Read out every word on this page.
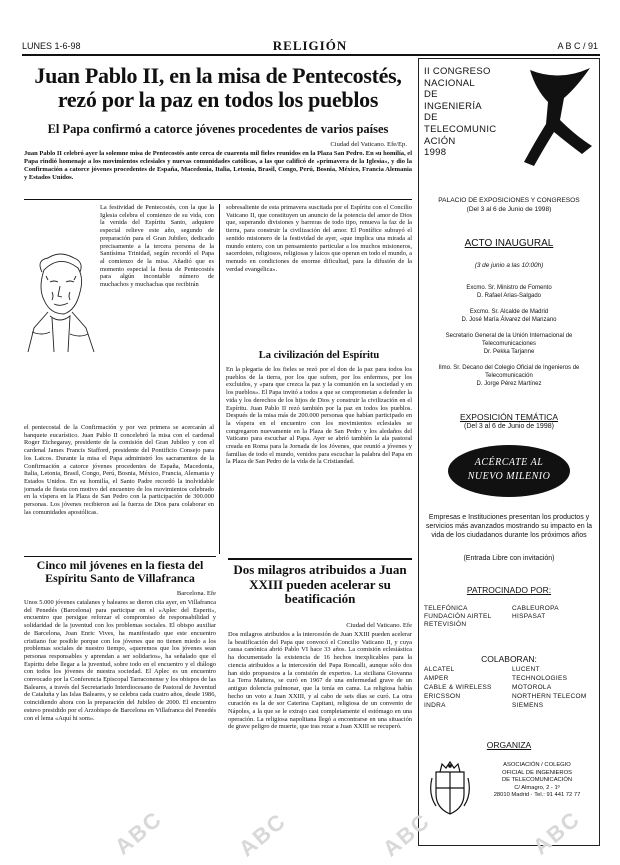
LUNES 1-6-98	RELIGIÓN	A B C / 91
Juan Pablo II, en la misa de Pentecostés, rezó por la paz en todos los pueblos
El Papa confirmó a catorce jóvenes procedentes de varios países
Ciudad del Vaticano. Efe/Ep.
Juan Pablo II celebró ayer la solemne misa de Pentecostés ante cerca de cuarenta mil fieles reunidos en la Plaza San Pedro. En su homilía, el Papa rindió homenaje a los movimientos eclesiales y nuevas comunidades católicas, a las que calificó de «primavera de la Iglesia», y dio la Confirmación a catorce jóvenes procedentes de España, Macedonia, Italia, Letonia, Brasil, Congo, Perú, Bosnia, México, Francia Alemania y Estados Unidos.
La festividad de Pentecostés, con la que la Iglesia celebra el comienzo de su vida, con la venida del Espíritu Santo, adquiere especial relieve este año, segundo de preparación para el Gran Jubileo, dedicado precisamente a la tercera persona de la Santísima Trinidad, según recordó el Papa al comienzo de la misa. Añadió que es momento especial la fiesta de Pentecostés para algún incontable número de muchachos y muchachas que recibirán
el pentecostal de la Confirmación y por vez primera se acercarán al banquete eucarístico. Juan Pablo II concelebró la misa con el cardenal Roger Etchegaray, presidente de la comisión del Gran Jubileo y con el cardenal James Francis Stafford, presidente del Pontificio Consejo para los Laicos. Durante la misa el Papa administró los sacramentos de la Confirmación a catorce jóvenes procedentes de España, Macedonia, Italia, Letonia, Brasil, Congo, Perú, Bosnia, México, Francia, Alemania y Estados Unidos. En su homilía, el Santo Padre recordó la inolvidable jornada de fiesta con motivo del encuentro de los movimientos celebrado en la víspera en la Plaza de San Pedro con la participación de 300.000 personas. Los jóvenes recibieron así la fuerza de Dios para colaborar en las comunidades apostólicas.
sobresaliente de esta primavera suscitada por el Espíritu con el Concilio Vaticano II, que constituyen un anuncio de la potencia del amor de Dios que, superando divisiones y barreras de todo tipo, renueva la faz de la tierra, para construir la civilización del amor. El Pontífice subrayó el sentido misionero de la festividad de ayer, «que implica una mirada al mundo entero, con un pensamiento particular a los muchos misioneros, sacerdotes, religiosos, religiosas y laicos que operan en todo el mundo, a menudo en condiciones de enorme dificultad, para la difusión de la verdad evangélica».
La civilización del Espíritu
En la plegaria de los fieles se rezó por el don de la paz para todos los pueblos de la tierra, por los que sufren, por los enfermos, por los excluidos, y «para que crezca la paz y la comunión en la sociedad y en los pueblos». El Papa invitó a todos a que se comprometan a defender la vida y los derechos de los hijos de Dios y construir la civilización en el Espíritu. Juan Pablo II rezó también por la paz en todos los pueblos. Después de la misa más de 200.000 personas que habían participado en la víspera en el encuentro con los movimientos eclesiales se congregaron nuevamente en la Plaza de San Pedro y los aledaños del Vaticano para escuchar al Papa. Ayer se abrió también la ala pastoral creada en Roma para la Jornada de los Jóvenes, que reunió a jóvenes y familias de todo el mundo, venidos para escuchar la palabra del Papa en la Plaza de San Pedro de la vida de la Cristiandad.
Cinco mil jóvenes en la fiesta del Espíritu Santo de Villafranca
Barcelona. Efe
Unos 5.000 jóvenes catalanes y baleares se dieron cita ayer, en Villafranca del Penedés (Barcelona) para participar en el «Aplec del Esperit», encuentro que persigue reforzar el compromiso de responsabilidad y solidaridad de la juventud con los problemas sociales. El obispo auxiliar de Barcelona, Joan Enric Vives, ha manifestado que este encuentro cristiano fue posible porque con los jóvenes que no tienen miedo a los problemas sociales de nuestro tiempo, «queremos que los jóvenes sean personas responsables y aprendan a ser solidarios», ha señalado que el Espíritu debe llegar a la juventud, sobre todo en el encuentro y el diálogo con todos los jóvenes de nuestra sociedad. El Aplec es un encuentro convocado por la Conferencia Episcopal Tarraconense y los obispos de las Baleares, a través del Secretariado Interdiocesano de Pastoral de Juventud de Cataluña y las Islas Baleares, y se celebra cada cuatro años, desde 1986, coincidiendo ahora con la preparación del Jubileo de 2000. El encuentro estuvo presidido por el Arzobispo de Barcelona en Villafranca del Penedés con el lema «Aquí hi som».
Dos milagros atribuidos a Juan XXIII pueden acelerar su beatificación
Ciudad del Vaticano. Efe
Dos milagros atribuidos a la intercesión de Juan XXIII pueden acelerar la beatificación del Papa que convocó el Concilio Vaticano II, y cuya causa canónica abrió Pablo VI hace 33 años. La comisión eclesiástica ha documentado la existencia de 16 hechos inexplicables para la ciencia atribuidos a la intercesión del Papa Roncalli, aunque sólo dos han sido propuestos a la comisión de expertos. La siciliana Giovanna La Terra Mattera, se curó en 1967 de una enfermedad grave de un antiguo dolencia pulmonar, que la tenía en cama. La religiosa había hecho un voto a Juan XXIII, y al cabo de seis días se curó. La otra curación es la de sor Caterina Capitani, religiosa de un convento de Nápoles, a la que se le extrajo casi completamente el estómago en una operación. La religiosa napolitana llegó a encontrarse en una situación de grave peligro de muerte, que tras rezar a Juan XXIII se recuperó.
II CONGRESO
NACIONAL
DE
INGENIERÍA
DE
TELECOMUNIC
ACIÓN
1998
PALACIO DE EXPOSICIONES Y CONGRESOS
(Del 3 al 6 de Junio de 1998)
ACTO INAUGURAL
(3 de junio a las 10:00h)
Excmo. Sr. Ministro de Fomento
D. Rafael Arias-Salgado
Excmo. Sr. Alcalde de Madrid
D. José María Álvarez del Manzano
Secretario General de la Unión Internacional de Telecomunicaciones
Dr. Pekka Tarjanne
Ilmo. Sr. Decano del Colegio Oficial de Ingenieros de Telecomunicación
D. Jorge Pérez Martínez
EXPOSICIÓN TEMÁTICA
(Del 3 al 6 de Junio de 1998)
ACÉRCATE AL
NUEVO MILENIO
Empresas e Instituciones presentan los productos y servicios más avanzados mostrando su impacto en la vida de los ciudadanos durante los próximos años
(Entrada Libre con invitación)
PATROCINADO POR:
TELEFÓNICA	CABLEUROPA
FUNDACIÓN AIRTEL	HISPASAT
RETEVISIÓN
COLABORAN:
ALCATEL	LUCENT
AMPER	TECHNOLOGIES
CABLE & WIRELESS	MOTOROLA
ERICSSON	NORTHERN TELECOM
INDRA	SIEMENS
ORGANIZA
ASOCIACIÓN / COLEGIO
OFICIAL DE INGENIEROS
DE TELECOMUNICACIÓN
C/ Almagro, 2 - 1º
28010 Madrid · Tel.: 91 441 72 77
ABC	ABC	ABC	ABC
